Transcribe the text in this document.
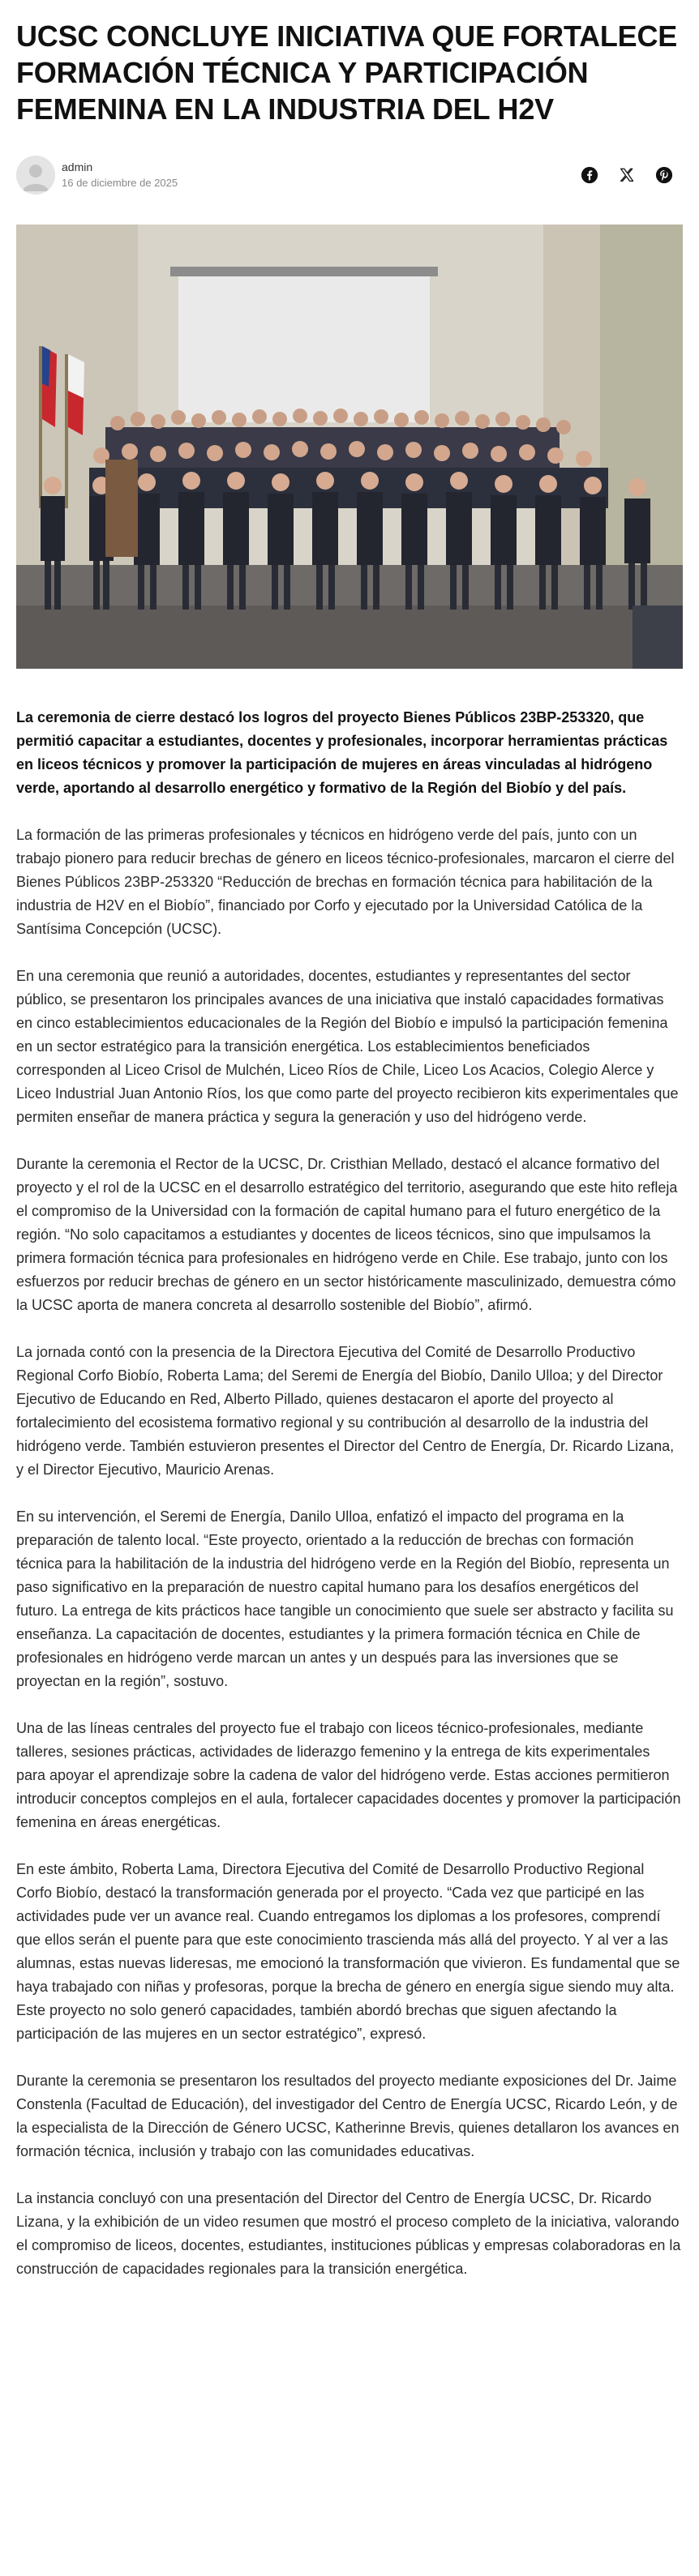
UCSC CONCLUYE INICIATIVA QUE FORTALECE FORMACIÓN TÉCNICA Y PARTICIPACIÓN FEMENINA EN LA INDUSTRIA DEL H2V
admin
16 de diciembre de 2025

La ceremonia de cierre destacó los logros del proyecto Bienes Públicos 23BP-253320, que permitió capacitar a estudiantes, docentes y profesionales, incorporar herramientas prácticas en liceos técnicos y promover la participación de mujeres en áreas vinculadas al hidrógeno verde, aportando al desarrollo energético y formativo de la Región del Biobío y del país.

La formación de las primeras profesionales y técnicos en hidrógeno verde del país, junto con un trabajo pionero para reducir brechas de género en liceos técnico-profesionales, marcaron el cierre del Bienes Públicos 23BP-253320 “Reducción de brechas en formación técnica para habilitación de la industria de H2V en el Biobío”, financiado por Corfo y ejecutado por la Universidad Católica de la Santísima Concepción (UCSC).

En una ceremonia que reunió a autoridades, docentes, estudiantes y representantes del sector público, se presentaron los principales avances de una iniciativa que instaló capacidades formativas en cinco establecimientos educacionales de la Región del Biobío e impulsó la participación femenina en un sector estratégico para la transición energética. Los establecimientos beneficiados corresponden al Liceo Crisol de Mulchén, Liceo Ríos de Chile, Liceo Los Acacios, Colegio Alerce y Liceo Industrial Juan Antonio Ríos, los que como parte del proyecto recibieron kits experimentales que permiten enseñar de manera práctica y segura la generación y uso del hidrógeno verde.

Durante la ceremonia el Rector de la UCSC, Dr. Cristhian Mellado, destacó el alcance formativo del proyecto y el rol de la UCSC en el desarrollo estratégico del territorio, asegurando que este hito refleja el compromiso de la Universidad con la formación de capital humano para el futuro energético de la región. “No solo capacitamos a estudiantes y docentes de liceos técnicos, sino que impulsamos la primera formación técnica para profesionales en hidrógeno verde en Chile. Ese trabajo, junto con los esfuerzos por reducir brechas de género en un sector históricamente masculinizado, demuestra cómo la UCSC aporta de manera concreta al desarrollo sostenible del Biobío”, afirmó.

La jornada contó con la presencia de la Directora Ejecutiva del Comité de Desarrollo Productivo Regional Corfo Biobío, Roberta Lama; del Seremi de Energía del Biobío, Danilo Ulloa; y del Director Ejecutivo de Educando en Red, Alberto Pillado, quienes destacaron el aporte del proyecto al fortalecimiento del ecosistema formativo regional y su contribución al desarrollo de la industria del hidrógeno verde. También estuvieron presentes el Director del Centro de Energía, Dr. Ricardo Lizana, y el Director Ejecutivo, Mauricio Arenas.

En su intervención, el Seremi de Energía, Danilo Ulloa, enfatizó el impacto del programa en la preparación de talento local. “Este proyecto, orientado a la reducción de brechas con formación técnica para la habilitación de la industria del hidrógeno verde en la Región del Biobío, representa un paso significativo en la preparación de nuestro capital humano para los desafíos energéticos del futuro. La entrega de kits prácticos hace tangible un conocimiento que suele ser abstracto y facilita su enseñanza. La capacitación de docentes, estudiantes y la primera formación técnica en Chile de profesionales en hidrógeno verde marcan un antes y un después para las inversiones que se proyectan en la región”, sostuvo.

Una de las líneas centrales del proyecto fue el trabajo con liceos técnico-profesionales, mediante talleres, sesiones prácticas, actividades de liderazgo femenino y la entrega de kits experimentales para apoyar el aprendizaje sobre la cadena de valor del hidrógeno verde. Estas acciones permitieron introducir conceptos complejos en el aula, fortalecer capacidades docentes y promover la participación femenina en áreas energéticas.

En este ámbito, Roberta Lama, Directora Ejecutiva del Comité de Desarrollo Productivo Regional Corfo Biobío, destacó la transformación generada por el proyecto. “Cada vez que participé en las actividades pude ver un avance real. Cuando entregamos los diplomas a los profesores, comprendí que ellos serán el puente para que este conocimiento trascienda más allá del proyecto. Y al ver a las alumnas, estas nuevas lideresas, me emocionó la transformación que vivieron. Es fundamental que se haya trabajado con niñas y profesoras, porque la brecha de género en energía sigue siendo muy alta. Este proyecto no solo generó capacidades, también abordó brechas que siguen afectando la participación de las mujeres en un sector estratégico”, expresó.

Durante la ceremonia se presentaron los resultados del proyecto mediante exposiciones del Dr. Jaime Constenla (Facultad de Educación), del investigador del Centro de Energía UCSC, Ricardo León, y de la especialista de la Dirección de Género UCSC, Katherinne Brevis, quienes detallaron los avances en formación técnica, inclusión y trabajo con las comunidades educativas.

La instancia concluyó con una presentación del Director del Centro de Energía UCSC, Dr. Ricardo Lizana, y la exhibición de un video resumen que mostró el proceso completo de la iniciativa, valorando el compromiso de liceos, docentes, estudiantes, instituciones públicas y empresas colaboradoras en la construcción de capacidades regionales para la transición energética.
